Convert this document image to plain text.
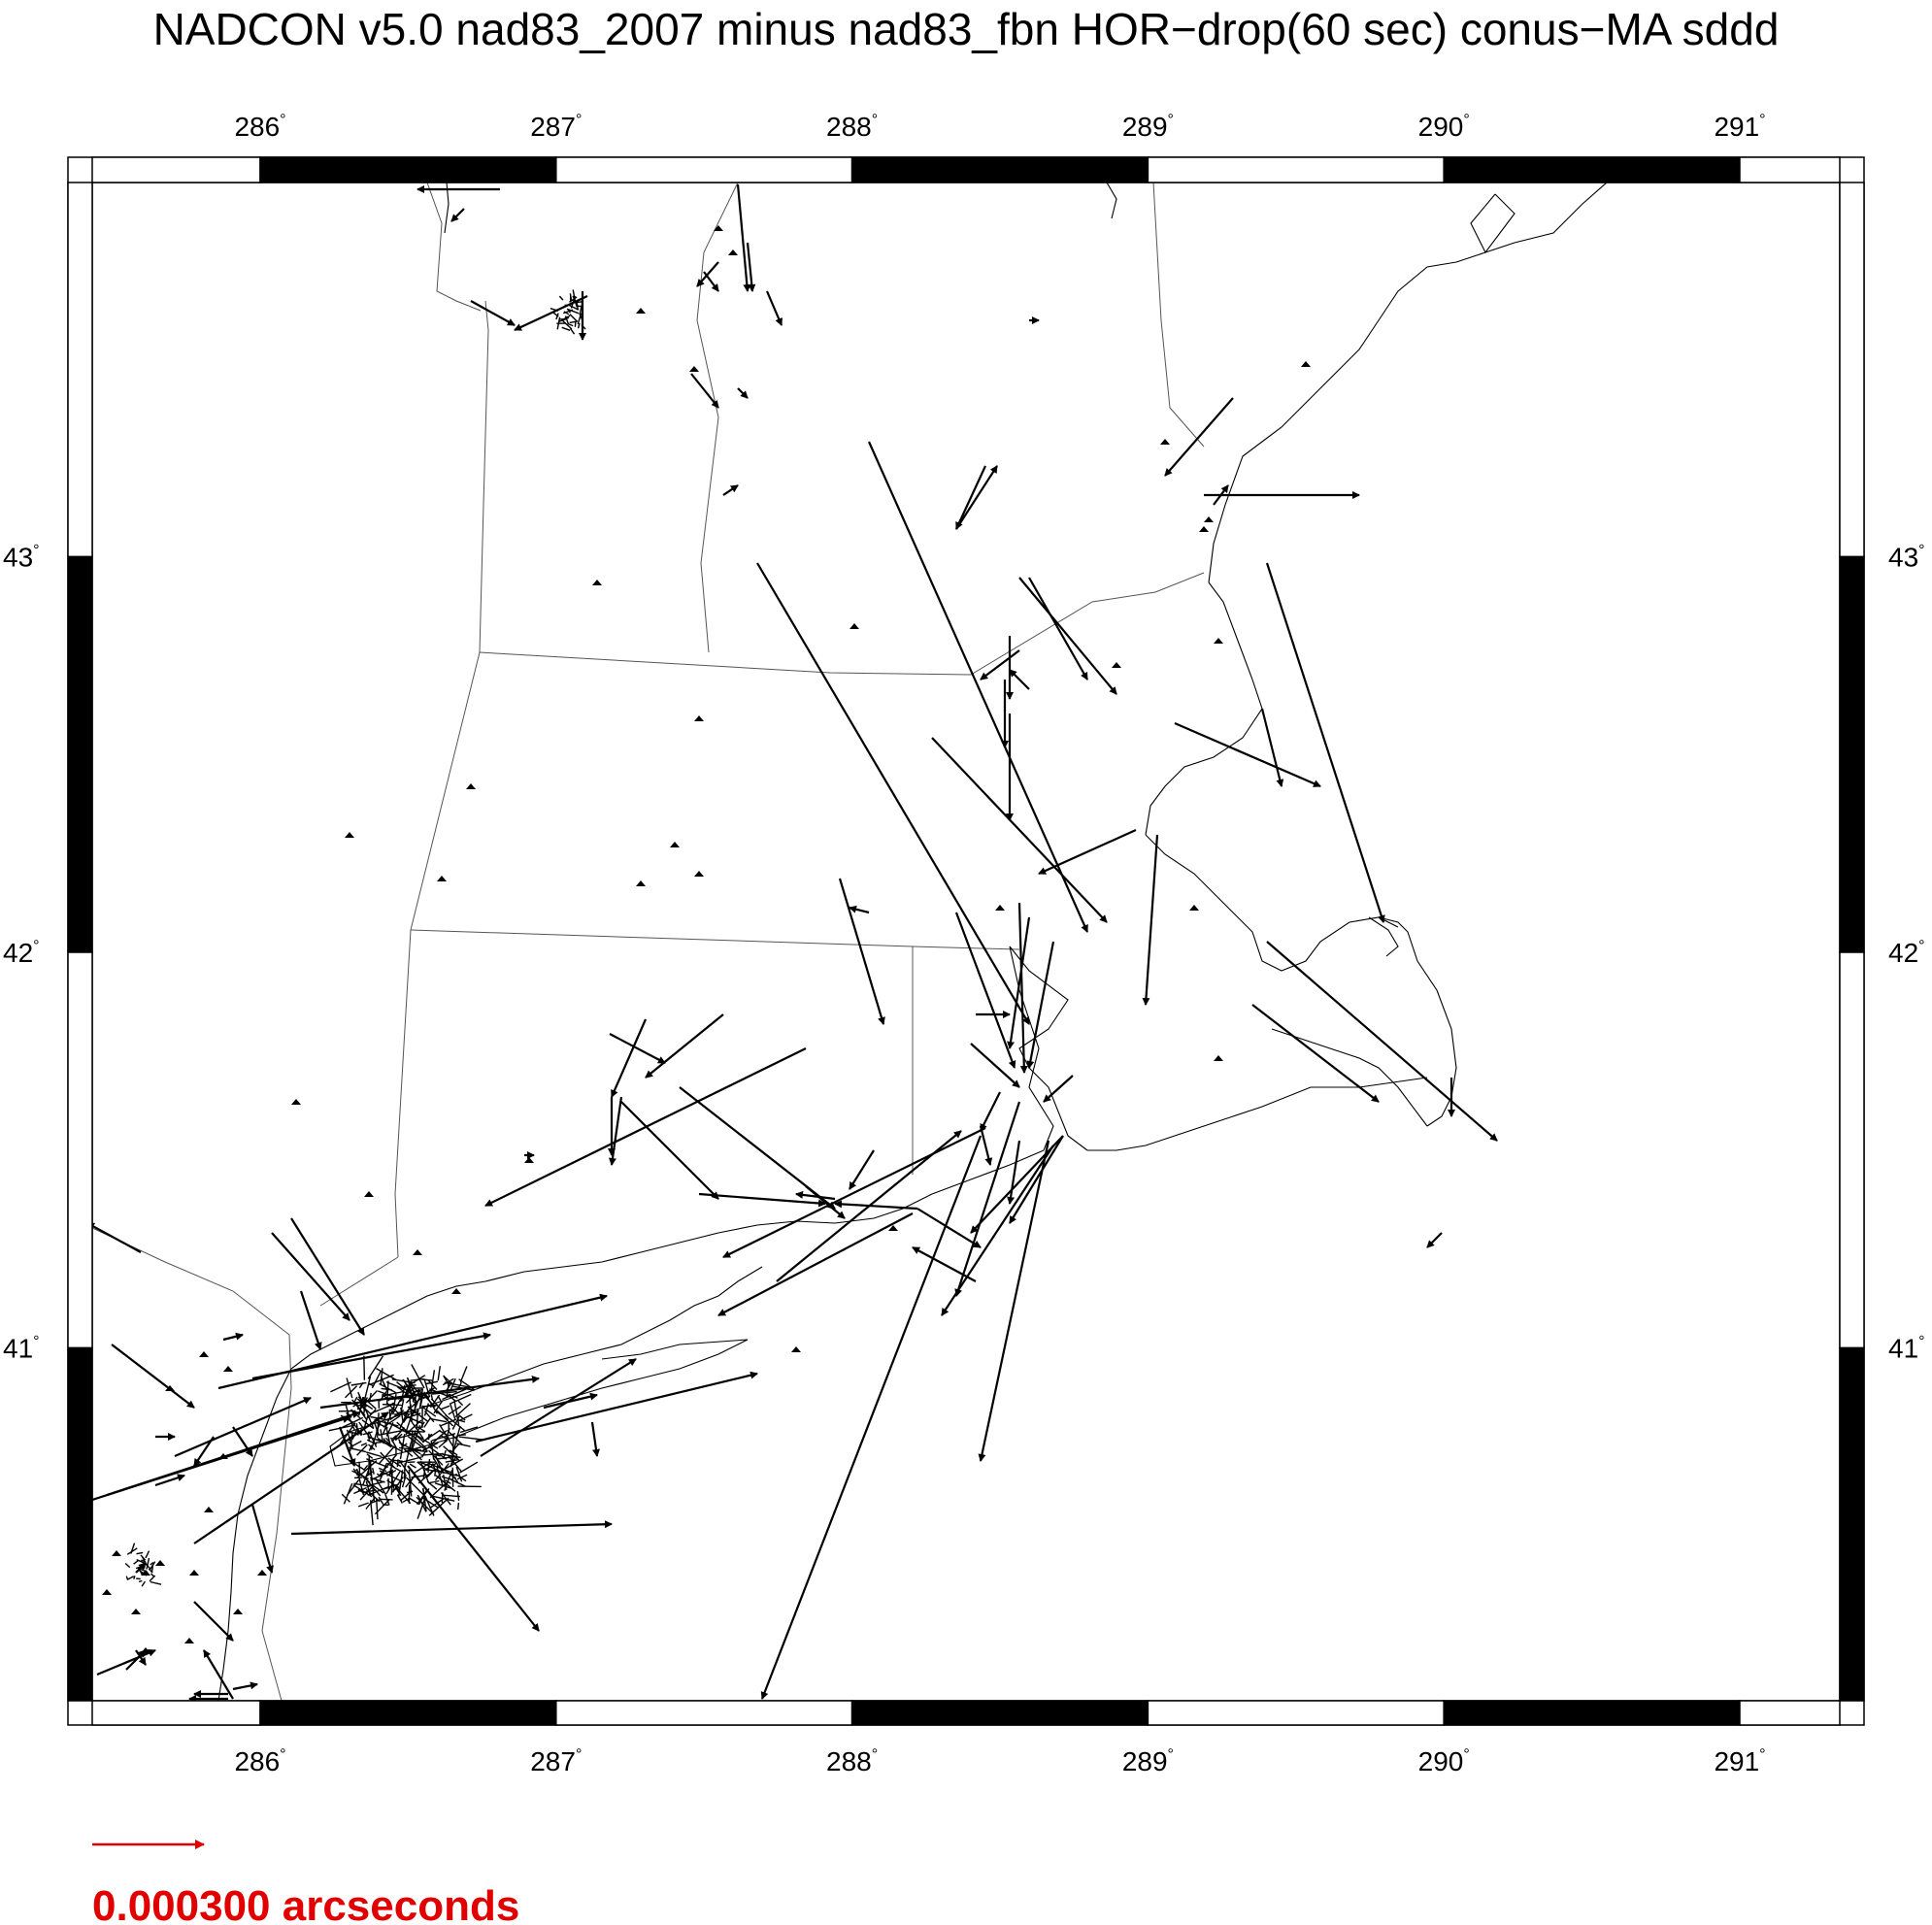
NADCON v5.0 nad83_2007 minus nad83_fbn HOR−drop(60 sec) conus−MA sddd
286°
286°
287°
287°
288°
288°
289°
289°
290°
290°
291°
291°
43°	43°
42°	42°
41°	41°
0.000300 arcseconds
